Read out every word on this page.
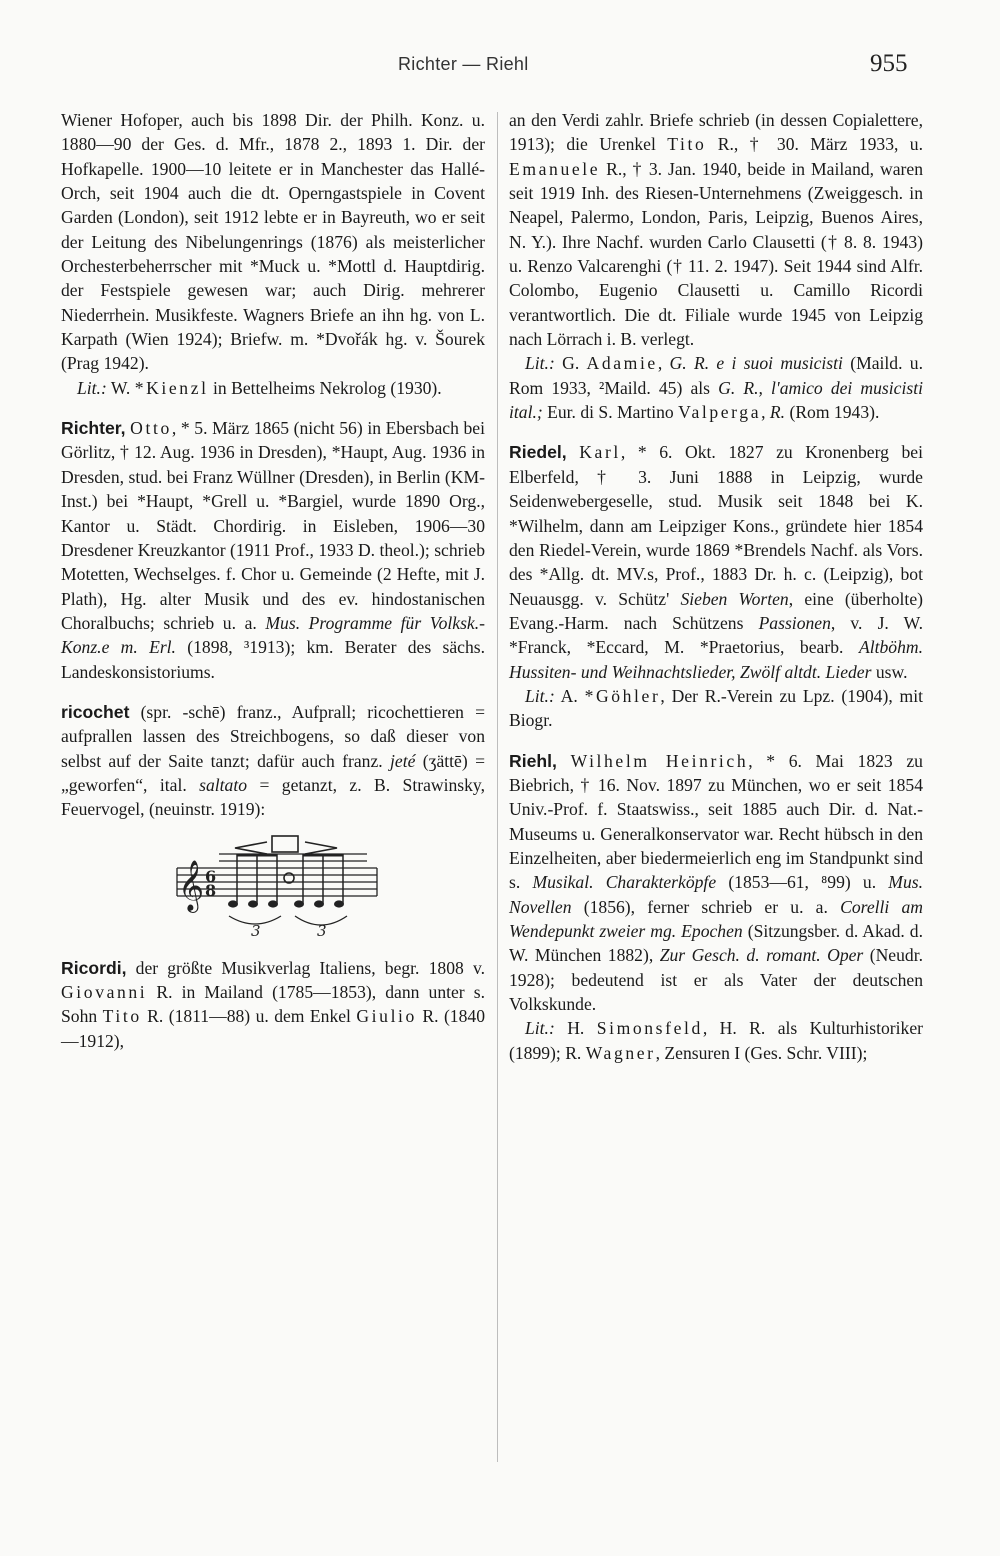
Richter — Riehl	955

Wiener Hofoper, auch bis 1898 Dir. der Philh. Konz. u. 1880—90 der Ges. d. Mfr., 1878 2., 1893 1. Dir. der Hofkapelle. 1900—10 leitete er in Manchester das Hallé-Orch, seit 1904 auch die dt. Operngastspiele in Covent Garden (London), seit 1912 lebte er in Bayreuth, wo er seit der Leitung des Nibelungenrings (1876) als meisterlicher Orchesterbeherrscher mit *Muck u. *Mottl d. Hauptdirig. der Festspiele gewesen war; auch Dirig. mehrerer Niederrhein. Musikfeste. Wagners Briefe an ihn hg. von L. Karpath (Wien 1924); Briefw. m. *Dvořák hg. v. Šourek (Prag 1942).

Lit.: W. *Kienzl in Bettelheims Nekrolog (1930).

Richter, Otto, * 5. März 1865 (nicht 56) in Ebersbach bei Görlitz, † 12. Aug. 1936 in Dresden), *Haupt, Aug. 1936 in Dresden, stud. bei Franz Wüllner (Dresden), in Berlin (KM-Inst.) bei *Haupt, *Grell u. *Bargiel, wurde 1890 Org., Kantor u. Städt. Chordirig. in Eisleben, 1906—30 Dresdener Kreuzkantor (1911 Prof., 1933 D. theol.); schrieb Motetten, Wechselges. f. Chor u. Gemeinde (2 Hefte, mit J. Plath), Hg. alter Musik und des ev. hindostanischen Choralbuchs; schrieb u. a. Mus. Programme für Volksk.-Konz.e m. Erl. (1898, ³1913); km. Berater des sächs. Landeskonsistoriums.

ricochet (spr. -schē) franz., Aufprall; ricochettieren = aufprallen lassen des Streichbogens, so daß dieser von selbst auf der Saite tanzt; dafür auch franz. jeté (ʒättē) = „geworfen“, ital. saltato = getanzt, z. B. Strawinsky, Feuervogel, (neuinstr. 1919):

𝄞 6
3	3
8

Ricordi, der größte Musikverlag Italiens, begr. 1808 v. Giovanni R. in Mailand (1785—1853), dann unter s. Sohn Tito R. (1811—88) u. dem Enkel Giulio R. (1840—1912),

an den Verdi zahlr. Briefe schrieb (in dessen Copialettere, 1913); die Urenkel Tito R., † 30. März 1933, u. Emanuele R., † 3. Jan. 1940, beide in Mailand, waren seit 1919 Inh. des Riesen-Unternehmens (Zweiggesch. in Neapel, Palermo, London, Paris, Leipzig, Buenos Aires, N. Y.). Ihre Nachf. wurden Carlo Clausetti († 8. 8. 1943) u. Renzo Valcarenghi († 11. 2. 1947). Seit 1944 sind Alfr. Colombo, Eugenio Clausetti u. Camillo Ricordi verantwortlich. Die dt. Filiale wurde 1945 von Leipzig nach Lörrach i. B. verlegt.

Lit.: G. Adamie, G. R. e i suoi musicisti (Maild. u. Rom 1933, ²Maild. 45) als G. R., l'amico dei musicisti ital.; Eur. di S. Martino Valperga, R. (Rom 1943).

Riedel, Karl, * 6. Okt. 1827 zu Kronenberg bei Elberfeld, † 3. Juni 1888 in Leipzig, wurde Seidenwebergeselle, stud. Musik seit 1848 bei K. *Wilhelm, dann am Leipziger Kons., gründete hier 1854 den Riedel-Verein, wurde 1869 *Brendels Nachf. als Vors. des *Allg. dt. MV.s, Prof., 1883 Dr. h. c. (Leipzig), bot Neuausgg. v. Schütz' Sieben Worten, eine (überholte) Evang.-Harm. nach Schützens Passionen, v. J. W. *Franck, *Eccard, M. *Praetorius, bearb. Altböhm. Hussiten- und Weihnachtslieder, Zwölf altdt. Lieder usw.

Lit.: A. *Göhler, Der R.-Verein zu Lpz. (1904), mit Biogr.

Riehl, Wilhelm Heinrich, * 6. Mai 1823 zu Biebrich, † 16. Nov. 1897 zu München, wo er seit 1854 Univ.-Prof. f. Staatswiss., seit 1885 auch Dir. d. Nat.-Museums u. Generalkonservator war. Recht hübsch in den Einzelheiten, aber biedermeierlich eng im Standpunkt sind s. Musikal. Charakterköpfe (1853—61, ⁸99) u. Mus. Novellen (1856), ferner schrieb er u. a. Corelli am Wendepunkt zweier mg. Epochen (Sitzungsber. d. Akad. d. W. München 1882), Zur Gesch. d. romant. Oper (Neudr. 1928); bedeutend ist er als Vater der deutschen Volkskunde.

Lit.: H. Simonsfeld, H. R. als Kulturhistoriker (1899); R. Wagner, Zensuren I (Ges. Schr. VIII);
